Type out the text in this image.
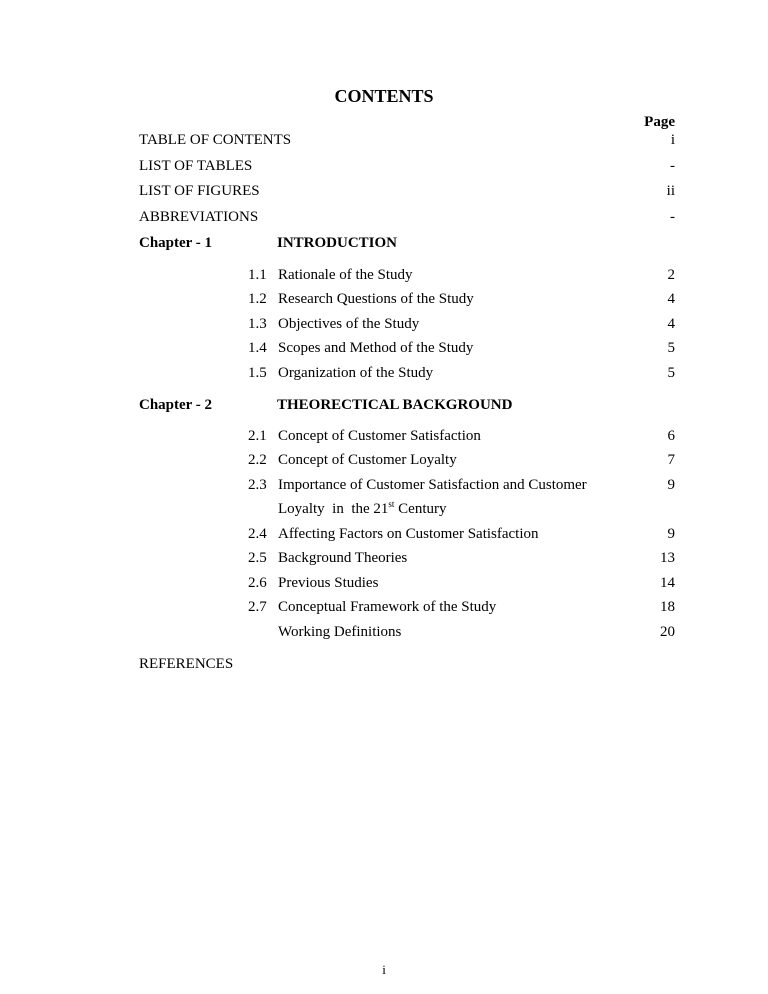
CONTENTS
Page
TABLE OF CONTENTS	i
LIST OF TABLES	-
LIST OF FIGURES	ii
ABBREVIATIONS	-
Chapter - 1	INTRODUCTION
1.1 Rationale of the Study	2
1.2 Research Questions of the Study	4
1.3 Objectives of the Study	4
1.4 Scopes and Method of the Study	5
1.5 Organization of the Study	5
Chapter - 2	THEORECTICAL BACKGROUND
2.1 Concept of Customer Satisfaction	6
2.2 Concept of Customer Loyalty	7
2.3 Importance of Customer Satisfaction and Customer	9
Loyalty  in  the 21st Century
2.4 Affecting Factors on Customer Satisfaction	9
2.5 Background Theories	13
2.6 Previous Studies	14
2.7 Conceptual Framework of the Study	18
Working Definitions	20
REFERENCES
i
